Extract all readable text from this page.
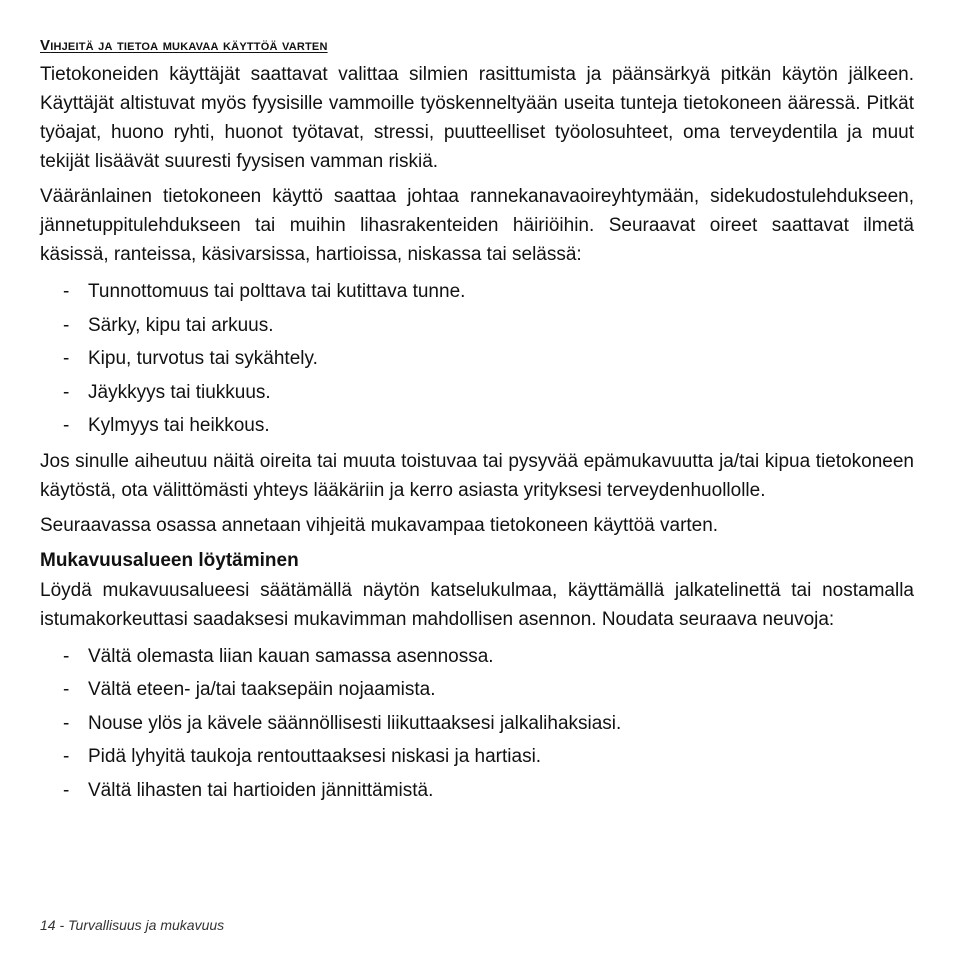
Vihjeitä ja tietoa mukavaa käyttöä varten

Tietokoneiden käyttäjät saattavat valittaa silmien rasittumista ja päänsärkyä pitkän käytön jälkeen. Käyttäjät altistuvat myös fyysisille vammoille työskenneltyään useita tunteja tietokoneen ääressä. Pitkät työajat, huono ryhti, huonot työtavat, stressi, puutteelliset työolosuhteet, oma terveydentila ja muut tekijät lisäävät suuresti fyysisen vamman riskiä.

Vääränlainen tietokoneen käyttö saattaa johtaa rannekanavaoireyhtymään, sidekudostulehdukseen, jännetuppitulehdukseen tai muihin lihasrakenteiden häiriöihin. Seuraavat oireet saattavat ilmetä käsissä, ranteissa, käsivarsissa, hartioissa, niskassa tai selässä:

- Tunnottomuus tai polttava tai kutittava tunne.
- Särky, kipu tai arkuus.
- Kipu, turvotus tai sykähtely.
- Jäykkyys tai tiukkuus.
- Kylmyys tai heikkous.

Jos sinulle aiheutuu näitä oireita tai muuta toistuvaa tai pysyvää epämukavuutta ja/tai kipua tietokoneen käytöstä, ota välittömästi yhteys lääkäriin ja kerro asiasta yrityksesi terveydenhuollolle.

Seuraavassa osassa annetaan vihjeitä mukavampaa tietokoneen käyttöä varten.

Mukavuusalueen löytäminen

Löydä mukavuusalueesi säätämällä näytön katselukulmaa, käyttämällä jalkatelinettä tai nostamalla istumakorkeuttasi saadaksesi mukavimman mahdollisen asennon. Noudata seuraava neuvoja:

- Vältä olemasta liian kauan samassa asennossa.
- Vältä eteen- ja/tai taaksepäin nojaamista.
- Nouse ylös ja kävele säännöllisesti liikuttaaksesi jalkalihaksiasi.
- Pidä lyhyitä taukoja rentouttaaksesi niskasi ja hartiasi.
- Vältä lihasten tai hartioiden jännittämistä.
14 - Turvallisuus ja mukavuus
